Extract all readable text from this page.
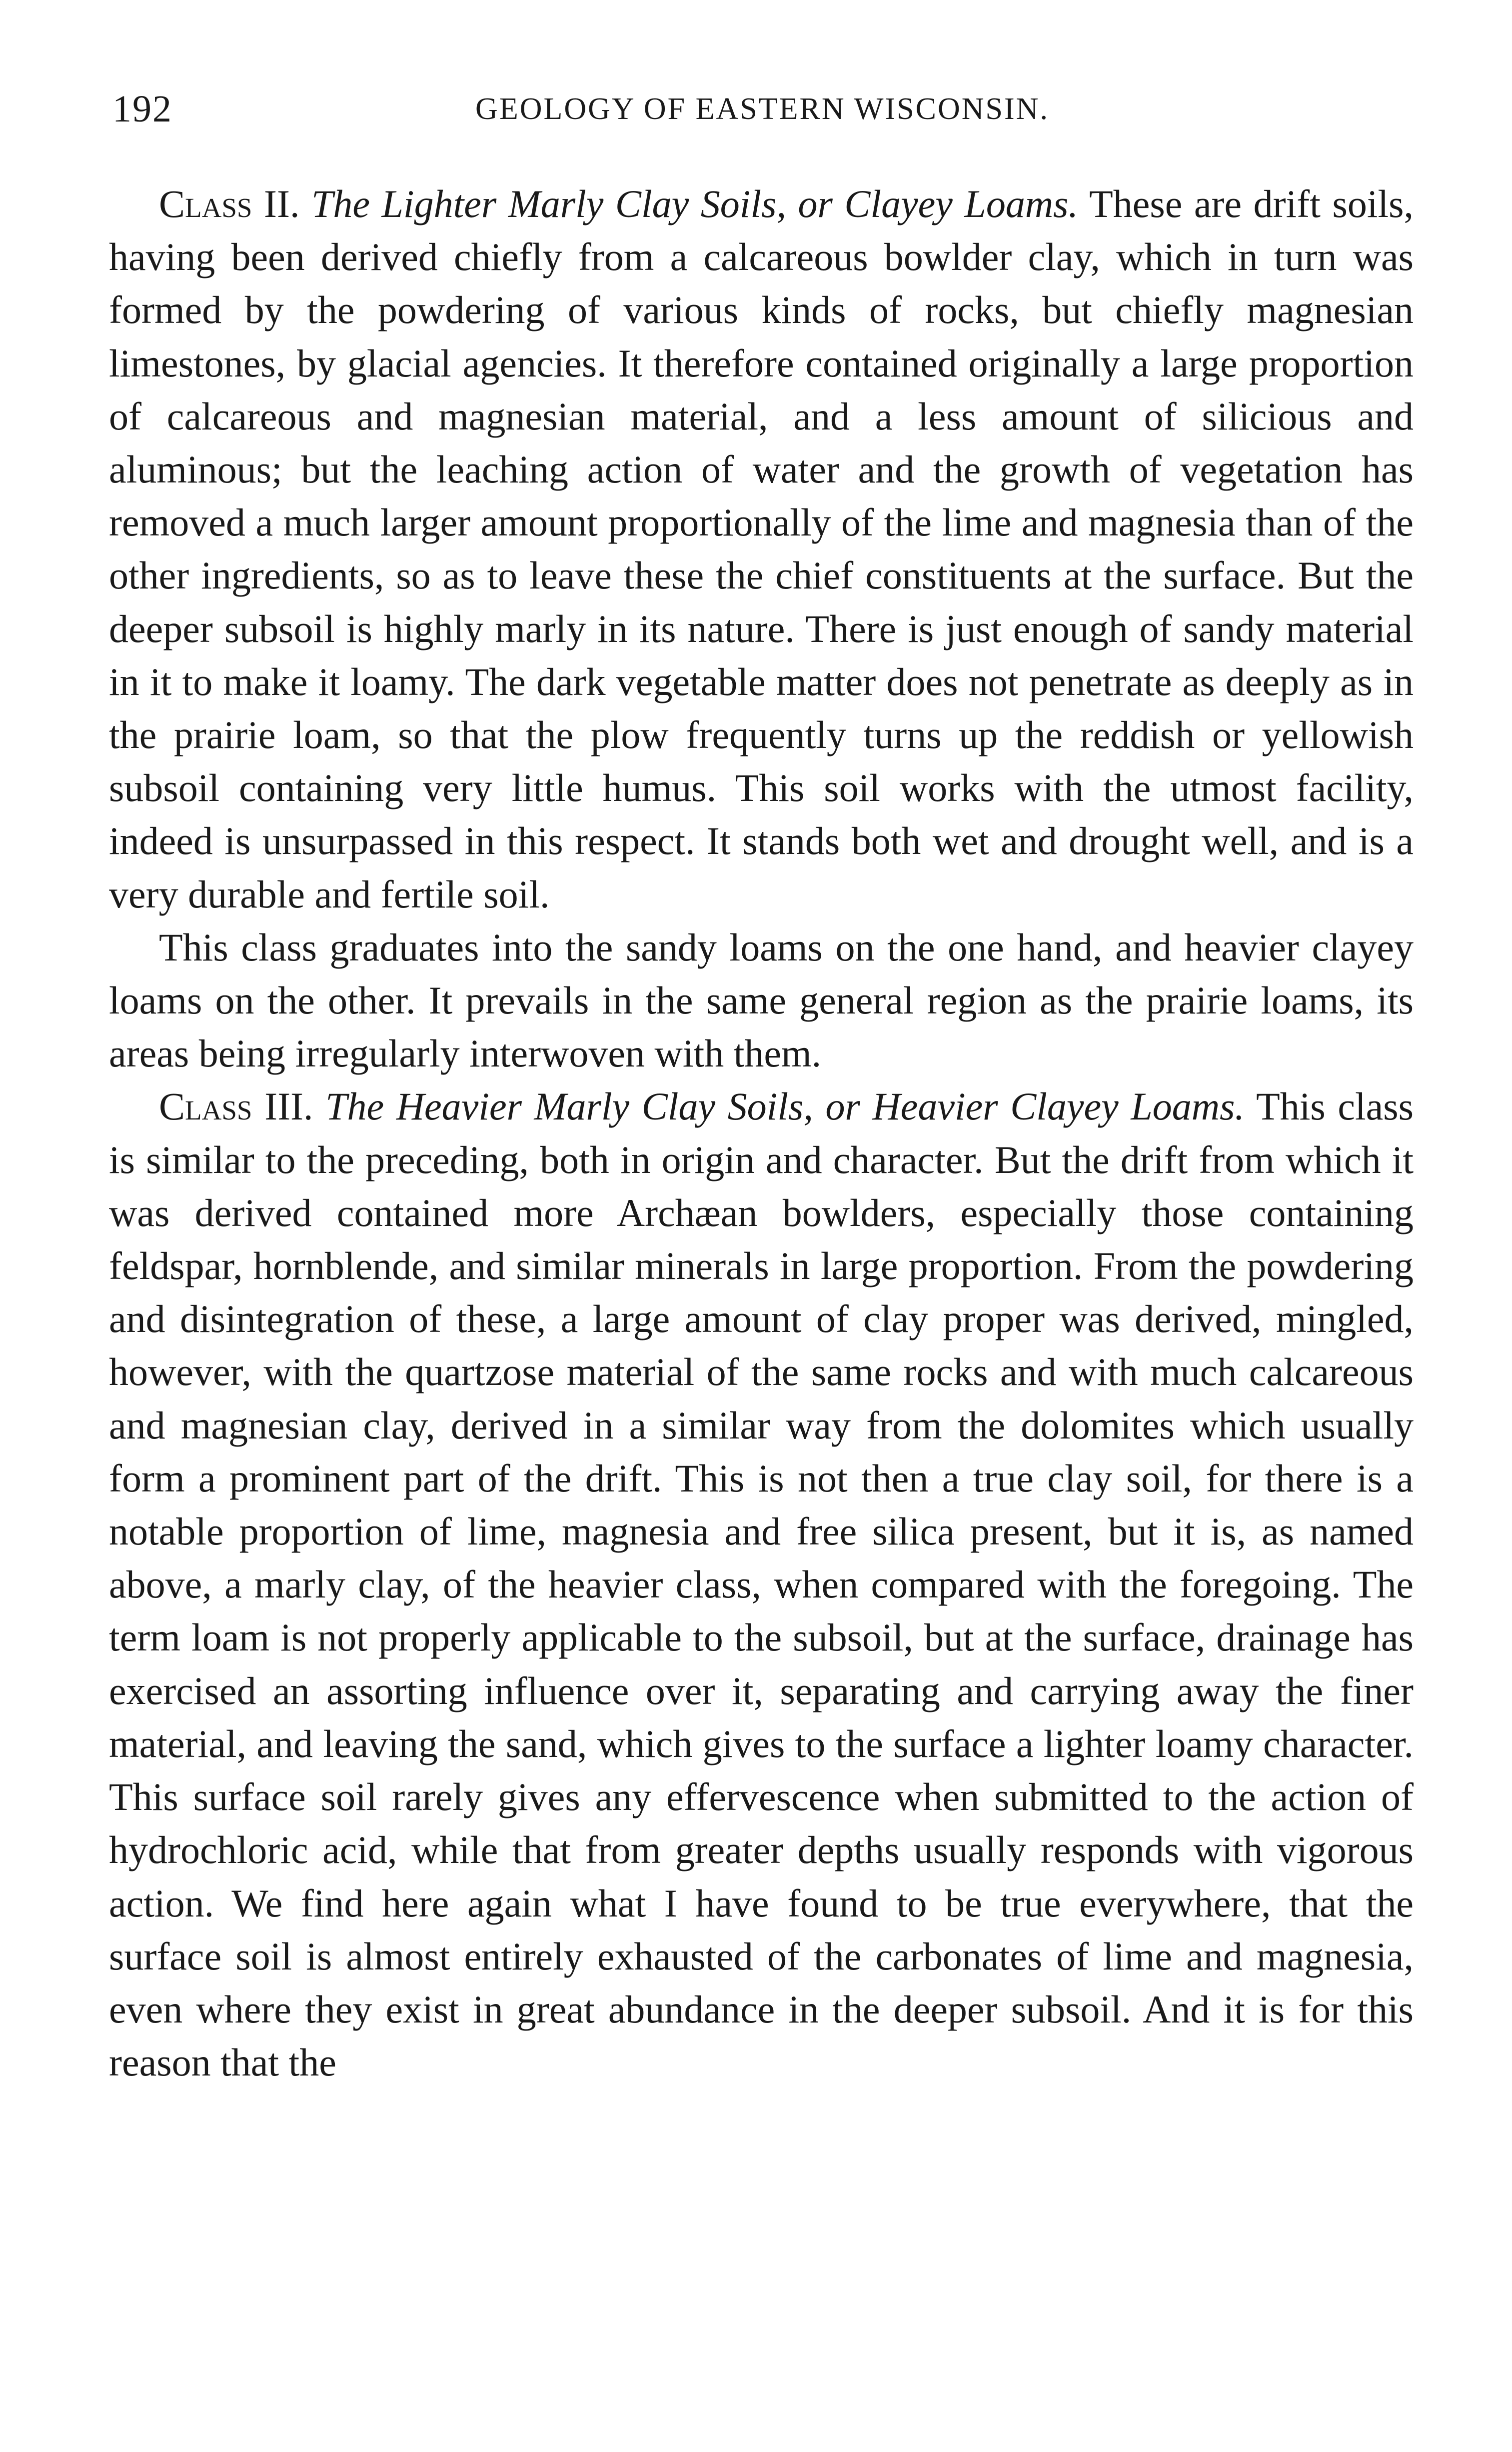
192	GEOLOGY OF EASTERN WISCONSIN.

Class II. The Lighter Marly Clay Soils, or Clayey Loams. These are drift soils, having been derived chiefly from a calcareous bowlder clay, which in turn was formed by the powdering of various kinds of rocks, but chiefly magnesian limestones, by glacial agencies. It therefore contained originally a large proportion of calcareous and magnesian material, and a less amount of silicious and aluminous; but the leaching action of water and the growth of vegetation has removed a much larger amount proportionally of the lime and magnesia than of the other ingredients, so as to leave these the chief constituents at the surface. But the deeper subsoil is highly marly in its nature. There is just enough of sandy material in it to make it loamy. The dark vegetable matter does not penetrate as deeply as in the prairie loam, so that the plow frequently turns up the reddish or yellowish subsoil containing very little humus. This soil works with the utmost facility, indeed is unsurpassed in this respect. It stands both wet and drought well, and is a very durable and fertile soil.

This class graduates into the sandy loams on the one hand, and heavier clayey loams on the other. It prevails in the same general region as the prairie loams, its areas being irregularly interwoven with them.

Class III. The Heavier Marly Clay Soils, or Heavier Clayey Loams. This class is similar to the preceding, both in origin and character. But the drift from which it was derived contained more Archæan bowlders, especially those containing feldspar, hornblende, and similar minerals in large proportion. From the powdering and disintegration of these, a large amount of clay proper was derived, mingled, however, with the quartzose material of the same rocks and with much calcareous and magnesian clay, derived in a similar way from the dolomites which usually form a prominent part of the drift. This is not then a true clay soil, for there is a notable proportion of lime, magnesia and free silica present, but it is, as named above, a marly clay, of the heavier class, when compared with the foregoing. The term loam is not properly applicable to the subsoil, but at the surface, drainage has exercised an assorting influence over it, separating and carrying away the finer material, and leaving the sand, which gives to the surface a lighter loamy character. This surface soil rarely gives any effervescence when submitted to the action of hydrochloric acid, while that from greater depths usually responds with vigorous action. We find here again what I have found to be true everywhere, that the surface soil is almost entirely exhausted of the carbonates of lime and magnesia, even where they exist in great abundance in the deeper subsoil. And it is for this reason that the
